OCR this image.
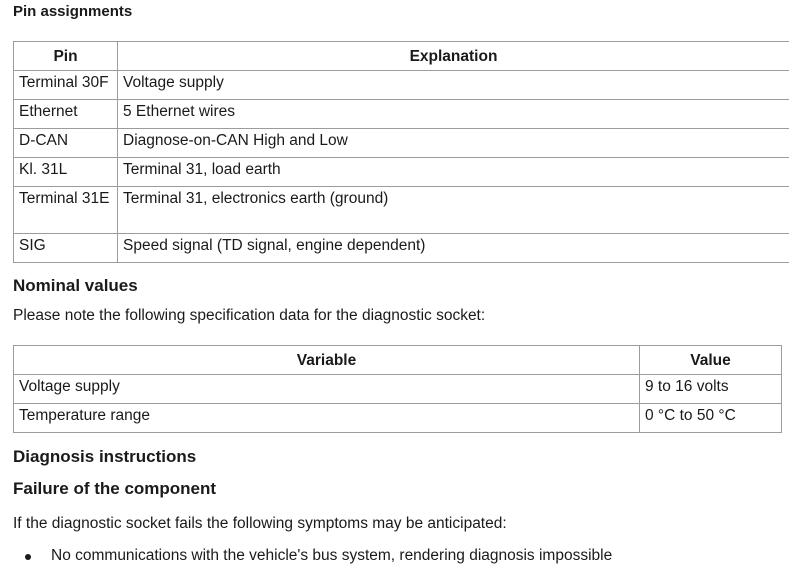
Pin assignments
Pin	Explanation
Terminal 30F	Voltage supply
Ethernet	5 Ethernet wires
D-CAN	Diagnose-on-CAN High and Low
Kl. 31L	Terminal 31, load earth
Terminal 31E	Terminal 31, electronics earth (ground)
SIG	Speed signal (TD signal, engine dependent)
Nominal values

Please note the following specification data for the diagnostic socket:

Variable	Value
Voltage supply	9 to 16 volts
Temperature range	0 °C to 50 °C
Diagnosis instructions
Failure of the component

If the diagnostic socket fails the following symptoms may be anticipated:

No communications with the vehicle's bus system, rendering diagnosis impossible
